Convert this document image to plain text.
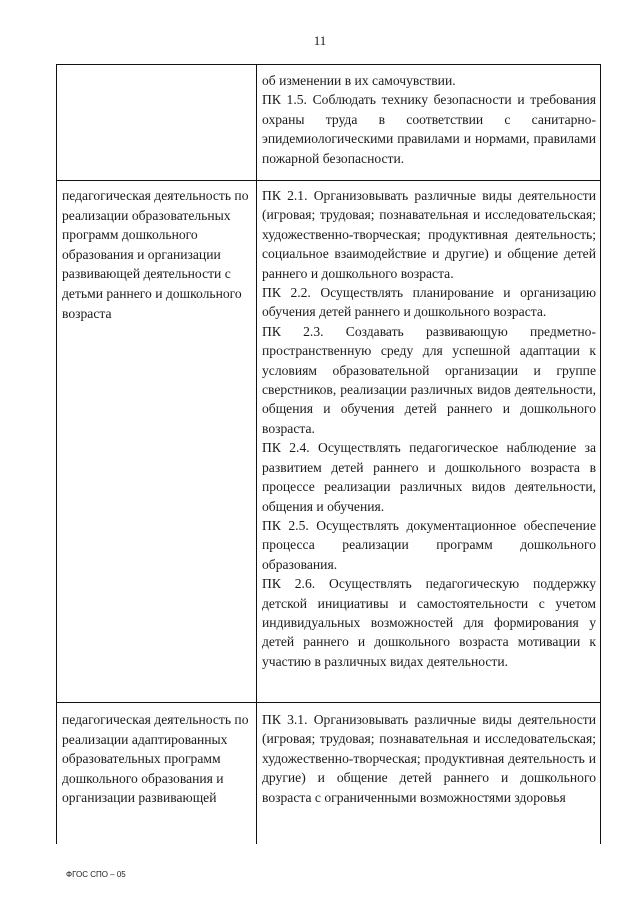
11
об изменении в их самочувствии.
ПК 1.5. Соблюдать технику безопасности и требования охраны труда в соответствии с санитарно-эпидемиологическими правилами и нормами, правилами пожарной безопасности.
педагогическая деятельность по реализации образовательных программ дошкольного образования и организации развивающей деятельности с детьми раннего и дошкольного возраста
ПК 2.1. Организовывать различные виды деятельности (игровая; трудовая; познавательная и исследовательская; художественно-творческая; продуктивная деятельность; социальное взаимодействие и другие) и общение детей раннего и дошкольного возраста.
ПК 2.2. Осуществлять планирование и организацию обучения детей раннего и дошкольного возраста.
ПК 2.3. Создавать развивающую предметно-пространственную среду для успешной адаптации к условиям образовательной организации и группе сверстников, реализации различных видов деятельности, общения и обучения детей раннего и дошкольного возраста.
ПК 2.4. Осуществлять педагогическое наблюдение за развитием детей раннего и дошкольного возраста в процессе реализации различных видов деятельности, общения и обучения.
ПК 2.5. Осуществлять документационное обеспечение процесса реализации программ дошкольного образования.
ПК 2.6. Осуществлять педагогическую поддержку детской инициативы и самостоятельности с учетом индивидуальных возможностей для формирования у детей раннего и дошкольного возраста мотивации к участию в различных видах деятельности.
педагогическая деятельность по реализации адаптированных образовательных программ дошкольного образования и организации развивающей
ПК 3.1. Организовывать различные виды деятельности (игровая; трудовая; познавательная и исследовательская; художественно-творческая; продуктивная деятельность и другие) и общение детей раннего и дошкольного возраста с ограниченными возможностями здоровья
ФГОС СПО – 05
